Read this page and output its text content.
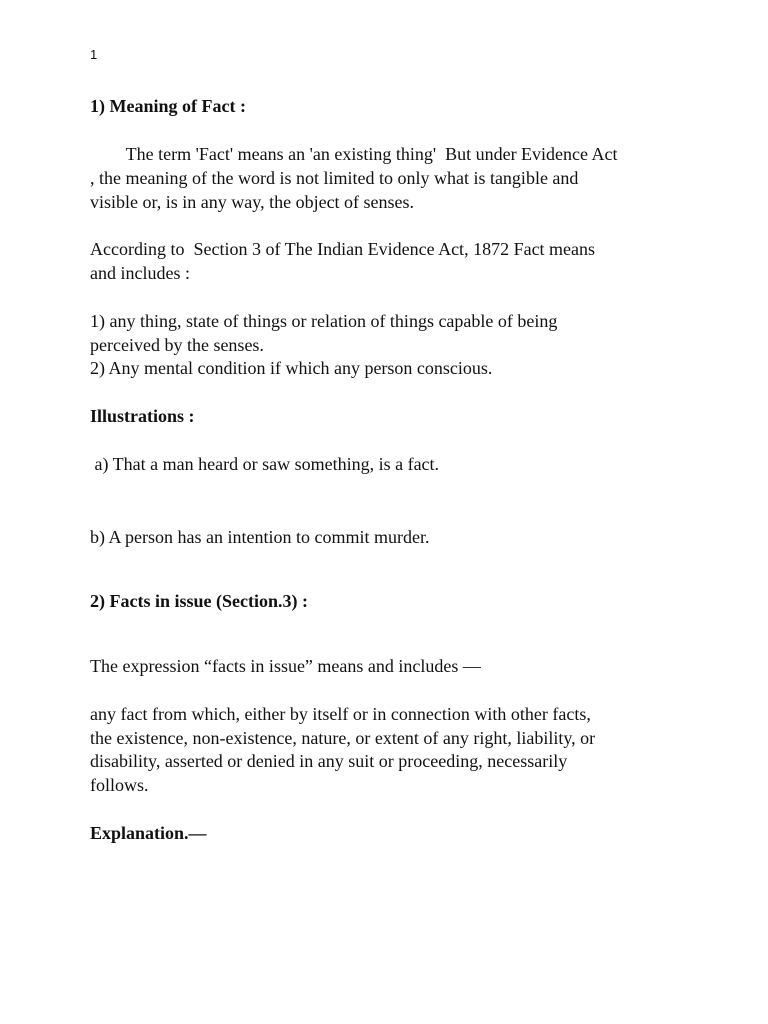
1

1) Meaning of Fact :

The term 'Fact' means an 'an existing thing'  But under Evidence Act

, the meaning of the word is not limited to only what is tangible and

visible or, is in any way, the object of senses.

According to  Section 3 of The Indian Evidence Act, 1872 Fact means

and includes :

1) any thing, state of things or relation of things capable of being

perceived by the senses.

2) Any mental condition if which any person conscious.

Illustrations :

a) That a man heard or saw something, is a fact.

b) A person has an intention to commit murder.

2) Facts in issue (Section.3) :

The expression “facts in issue” means and includes —

any fact from which, either by itself or in connection with other facts,

the existence, non-existence, nature, or extent of any right, liability, or

disability, asserted or denied in any suit or proceeding, necessarily

follows.

Explanation.—
